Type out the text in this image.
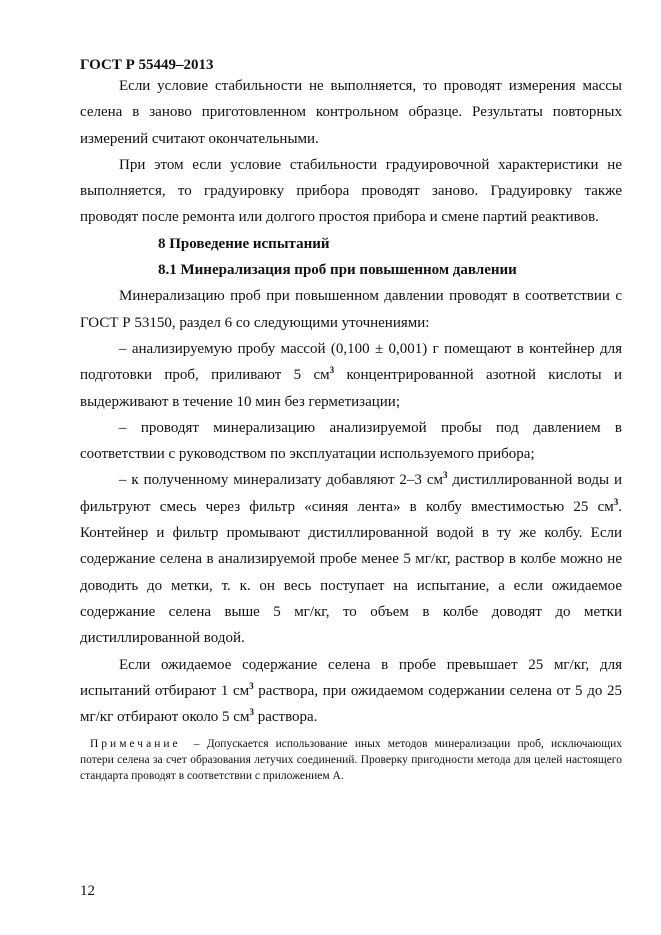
ГОСТ Р 55449–2013

Если условие стабильности не выполняется, то проводят измерения массы селена в заново приготовленном контрольном образце. Результаты повторных измерений считают окончательными.

При этом если условие стабильности градуировочной характеристики не выполняется, то градуировку прибора проводят заново. Градуировку также проводят после ремонта или долгого простоя прибора и смене партий реактивов.

8 Проведение испытаний

8.1 Минерализация проб при повышенном давлении

Минерализацию проб при повышенном давлении проводят в соответствии с ГОСТ Р 53150, раздел 6 со следующими уточнениями:

– анализируемую пробу массой (0,100 ± 0,001) г помещают в контейнер для подготовки проб, приливают 5 $см^3$ концентрированной азотной кислоты и выдерживают в течение 10 мин без герметизации;

– проводят минерализацию анализируемой пробы под давлением в соответствии с руководством по эксплуатации используемого прибора;

– к полученному минерализату добавляют 2–3 $см^3$ дистиллированной воды и фильтруют смесь через фильтр «синяя лента» в колбу вместимостью 25 $см^3$. Контейнер и фильтр промывают дистиллированной водой в ту же колбу. Если содержание селена в анализируемой пробе менее 5 мг/кг, раствор в колбе можно не доводить до метки, т. к. он весь поступает на испытание, а если ожидаемое содержание селена выше 5 мг/кг, то объем в колбе доводят до метки дистиллированной водой.

Если ожидаемое содержание селена в пробе превышает 25 мг/кг, для испытаний отбирают 1 $см^3$ раствора, при ожидаемом содержании селена от 5 до 25 мг/кг отбирают около 5 $см^3$ раствора.

Примечание – Допускается использование иных методов минерализации проб, исключающих потери селена за счет образования летучих соединений. Проверку пригодности метода для целей настоящего стандарта проводят в соответствии с приложением А.
12
